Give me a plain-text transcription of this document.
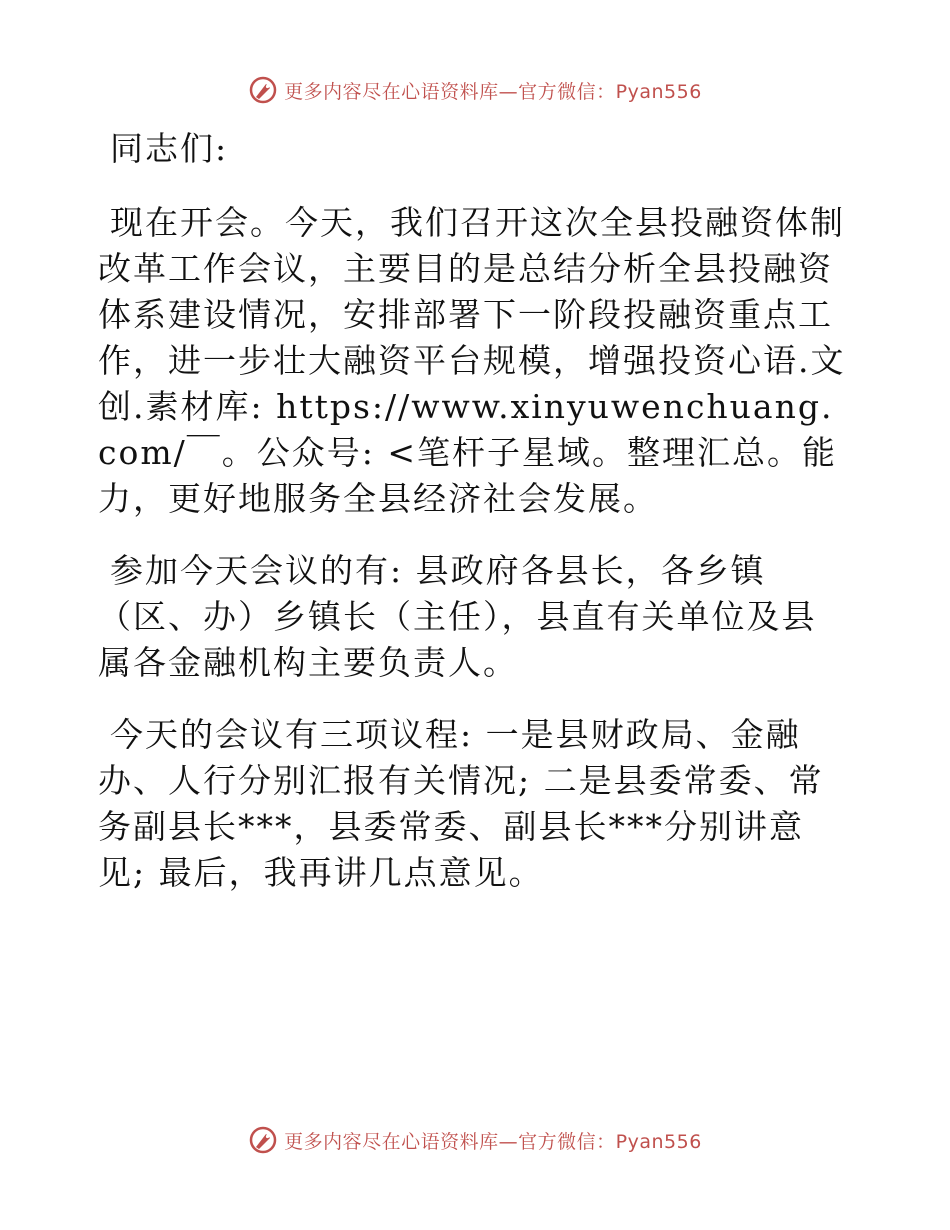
更多内容尽在心语资料库—官方微信：Pyan556

同志们:

现在开会。今天，我们召开这次全县投融资体制改革工作会议，主要目的是总结分析全县投融资体系建设情况，安排部署下一阶段投融资重点工作，进一步壮大融资平台规模，增强投资心语.文创.素材库: https://www.xinyuwenchuang.com/￣。公众号: <笔杆子星域。整理汇总。能力，更好地服务全县经济社会发展。

参加今天会议的有: 县政府各县长，各乡镇（区、办）乡镇长（主任），县直有关单位及县属各金融机构主要负责人。

今天的会议有三项议程: 一是县财政局、金融办、人行分别汇报有关情况; 二是县委常委、常务副县长***，县委常委、副县长***分别讲意见; 最后，我再讲几点意见。

更多内容尽在心语资料库—官方微信：Pyan556
